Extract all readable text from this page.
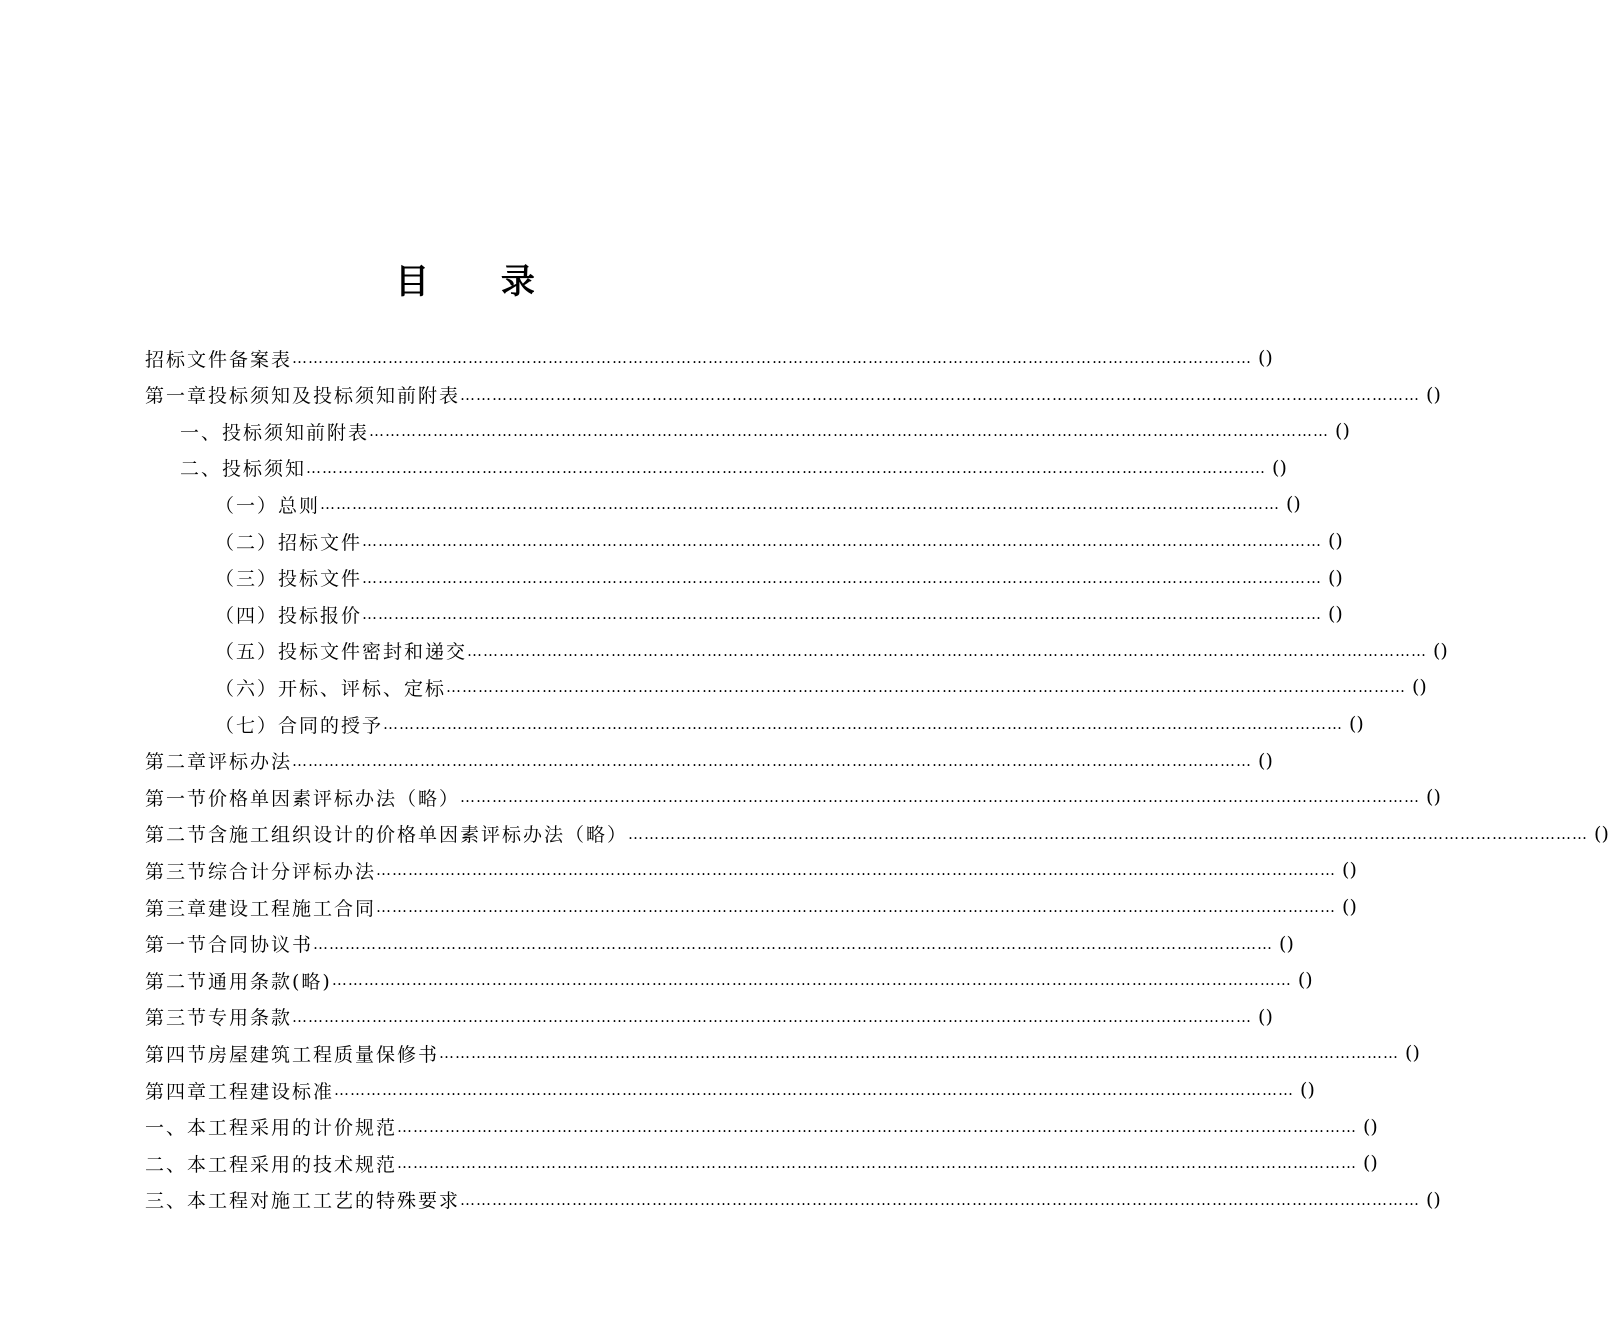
目 录
招标文件备案表 ……………………………………………………………………………………………………………………………………………………………… ()
第一章 投标须知及投标须知前附表 ……………………………………………………………………………………………………………………………………………………………… ()
一、 投标须知前附表 ……………………………………………………………………………………………………………………………………………………………… ()
二、 投标须知 ……………………………………………………………………………………………………………………………………………………………… ()
（一）总则 ……………………………………………………………………………………………………………………………………………………………… ()
（二）招标文件 ……………………………………………………………………………………………………………………………………………………………… ()
（三）投标文件 ……………………………………………………………………………………………………………………………………………………………… ()
（四）投标报价 ……………………………………………………………………………………………………………………………………………………………… ()
（五）投标文件密封和递交 ……………………………………………………………………………………………………………………………………………………………… ()
（六）开标、评标、定标 ……………………………………………………………………………………………………………………………………………………………… ()
（七）合同的授予 ……………………………………………………………………………………………………………………………………………………………… ()
第二章 评标办法 ……………………………………………………………………………………………………………………………………………………………… ()
第一节 价格单因素评标办法（略） ……………………………………………………………………………………………………………………………………………………………… ()
第二节 含施工组织设计的价格单因素评标办法（略） ……………………………………………………………………………………………………………………………………………………………… ()
第三节 综合计分评标办法 ……………………………………………………………………………………………………………………………………………………………… ()
第三章 建设工程施工合同 ……………………………………………………………………………………………………………………………………………………………… ()
第一节 合同协议书 ……………………………………………………………………………………………………………………………………………………………… ()
第二节 通用条款(略) ……………………………………………………………………………………………………………………………………………………………… ()
第三节 专用条款 ……………………………………………………………………………………………………………………………………………………………… ()
第四节 房屋建筑工程质量保修书 ……………………………………………………………………………………………………………………………………………………………… ()
第四章 工程建设标准 ……………………………………………………………………………………………………………………………………………………………… ()
一、本工程采用的计价规范 ……………………………………………………………………………………………………………………………………………………………… ()
二、本工程采用的技术规范 ……………………………………………………………………………………………………………………………………………………………… ()
三、本工程对施工工艺的特殊要求 ……………………………………………………………………………………………………………………………………………………………… ()
